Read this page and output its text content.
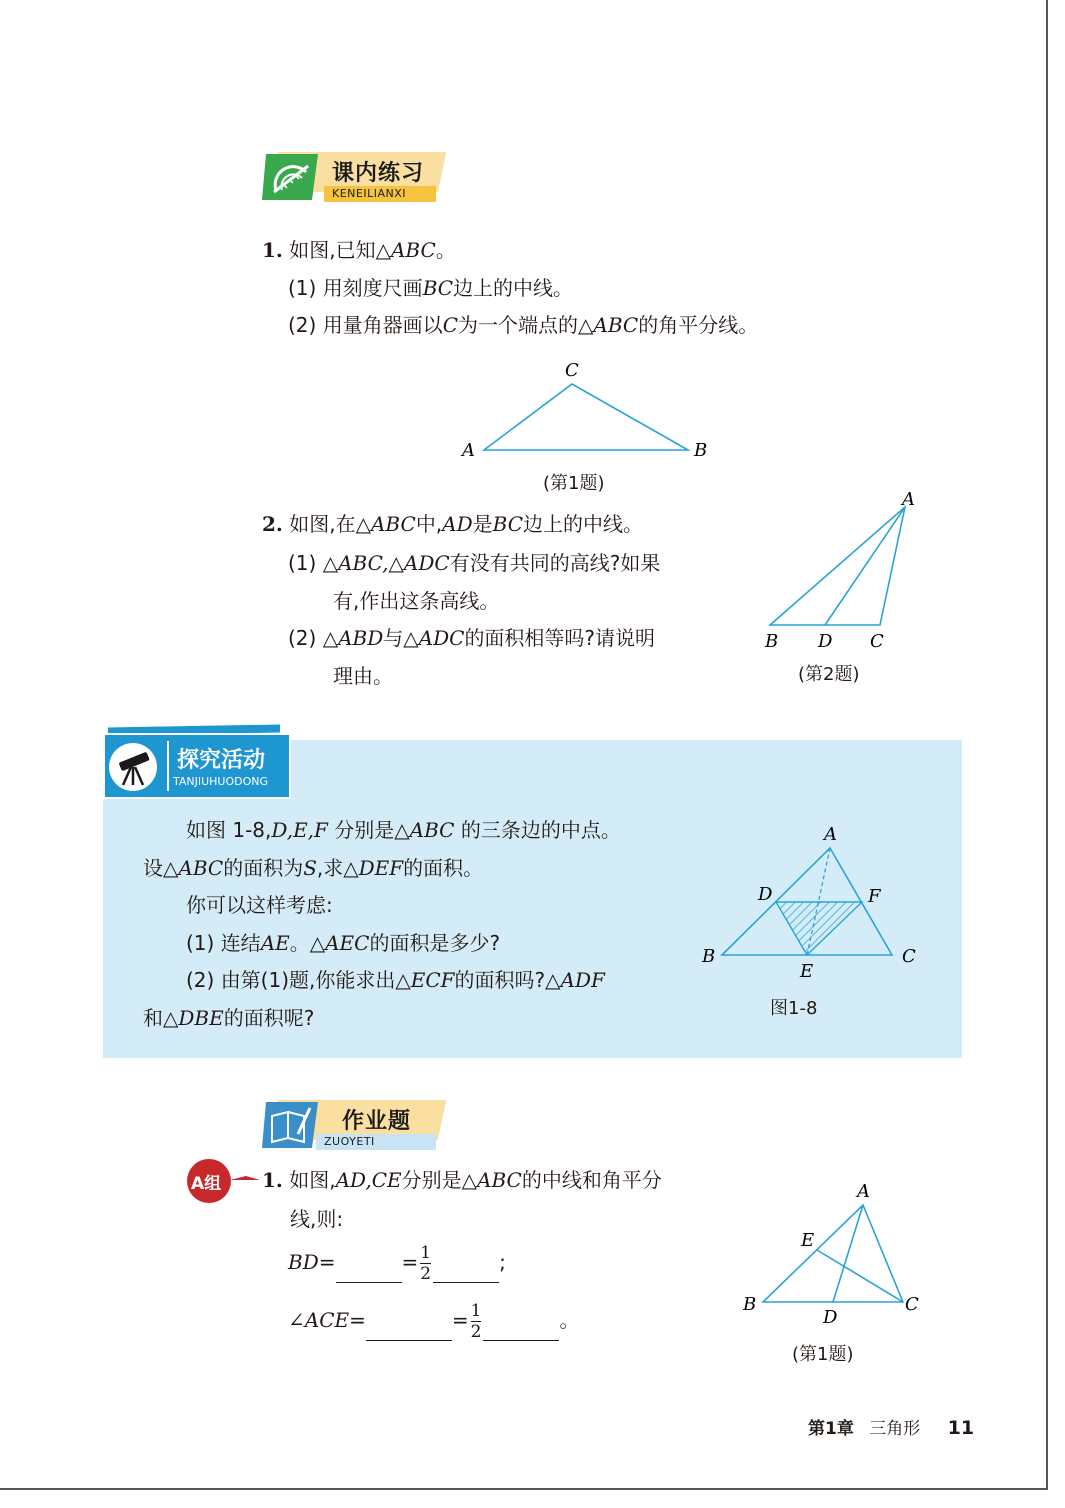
课内练习
KENEILIANXI
1. 如图,已知△ABC。
(1) 用刻度尺画BC边上的中线。
(2) 用量角器画以C为一个端点的△ABC的角平分线。
C
A	B
(第1题)
2. 如图,在△ABC中,AD是BC边上的中线。
(1) △ABC,△ADC有没有共同的高线?如果
有,作出这条高线。
(2) △ABD与△ADC的面积相等吗?请说明
理由。
A
B D C
(第2题)
探究活动
TANJIUHUODONG
如图 1-8,D,E,F 分别是△ABC 的三条边的中点。
设△ABC的面积为S,求△DEF的面积。
你可以这样考虑:
(1) 连结AE。△AEC的面积是多少?
(2) 由第(1)题,你能求出△ECF的面积吗?△ADF
和△DBE的面积呢?
A
D	F
B
E
C
图1-8
作业题
ZUOYETI
A组 1. 如图,AD,CE分别是△ABC的中线和角平分
线,则:
BD=	= $\frac{1}{2}$	;
∠ACE=	= $\frac{1}{2}$	。
A
E
B
D
C
(第1题)
第1章 三角形 11
